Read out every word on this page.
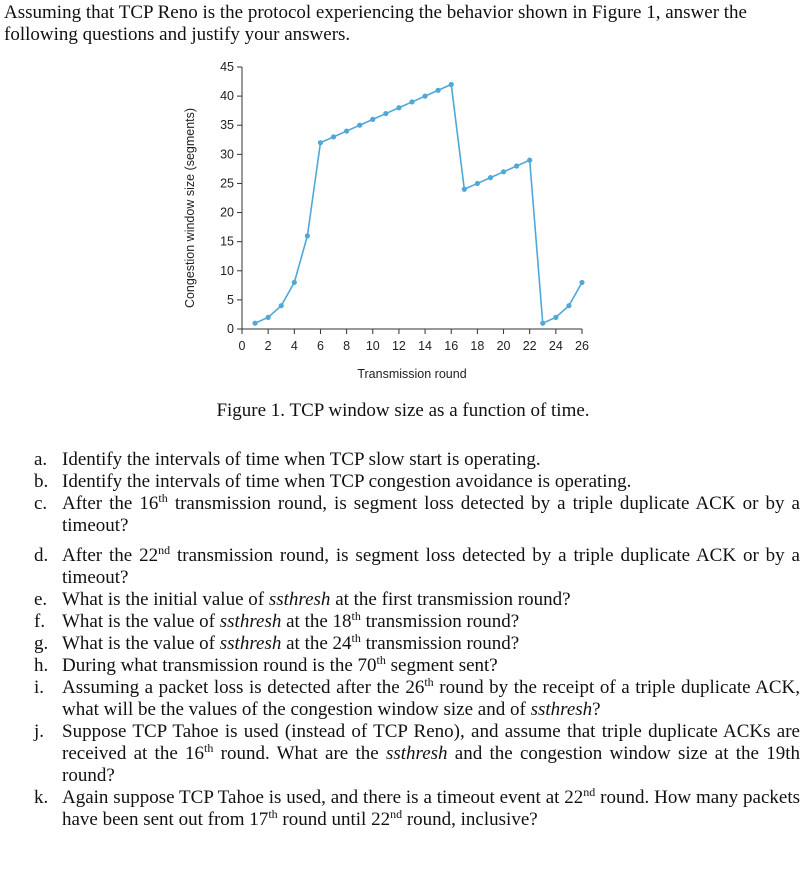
Assuming that TCP Reno is the protocol experiencing the behavior shown in Figure 1, answer the following questions and justify your answers.
0
5
10
15
20
25
30
35
40
45
0 2 4 6 8 10 12 14 16 18 20 22 24 26
Transmission round
Congestion window size (segments)
Figure 1. TCP window size as a function of time.
a. Identify the intervals of time when TCP slow start is operating.
b. Identify the intervals of time when TCP congestion avoidance is operating.
c. After the 16th transmission round, is segment loss detected by a triple duplicate ACK or by a timeout?
d. After the 22nd transmission round, is segment loss detected by a triple duplicate ACK or by a timeout?
e. What is the initial value of ssthresh at the first transmission round?
f. What is the value of ssthresh at the 18th transmission round?
g. What is the value of ssthresh at the 24th transmission round?
h. During what transmission round is the 70th segment sent?
i. Assuming a packet loss is detected after the 26th round by the receipt of a triple duplicate ACK, what will be the values of the congestion window size and of ssthresh?
j. Suppose TCP Tahoe is used (instead of TCP Reno), and assume that triple duplicate ACKs are received at the 16th round. What are the ssthresh and the congestion window size at the 19th round?
k. Again suppose TCP Tahoe is used, and there is a timeout event at 22nd round. How many packets have been sent out from 17th round until 22nd round, inclusive?
